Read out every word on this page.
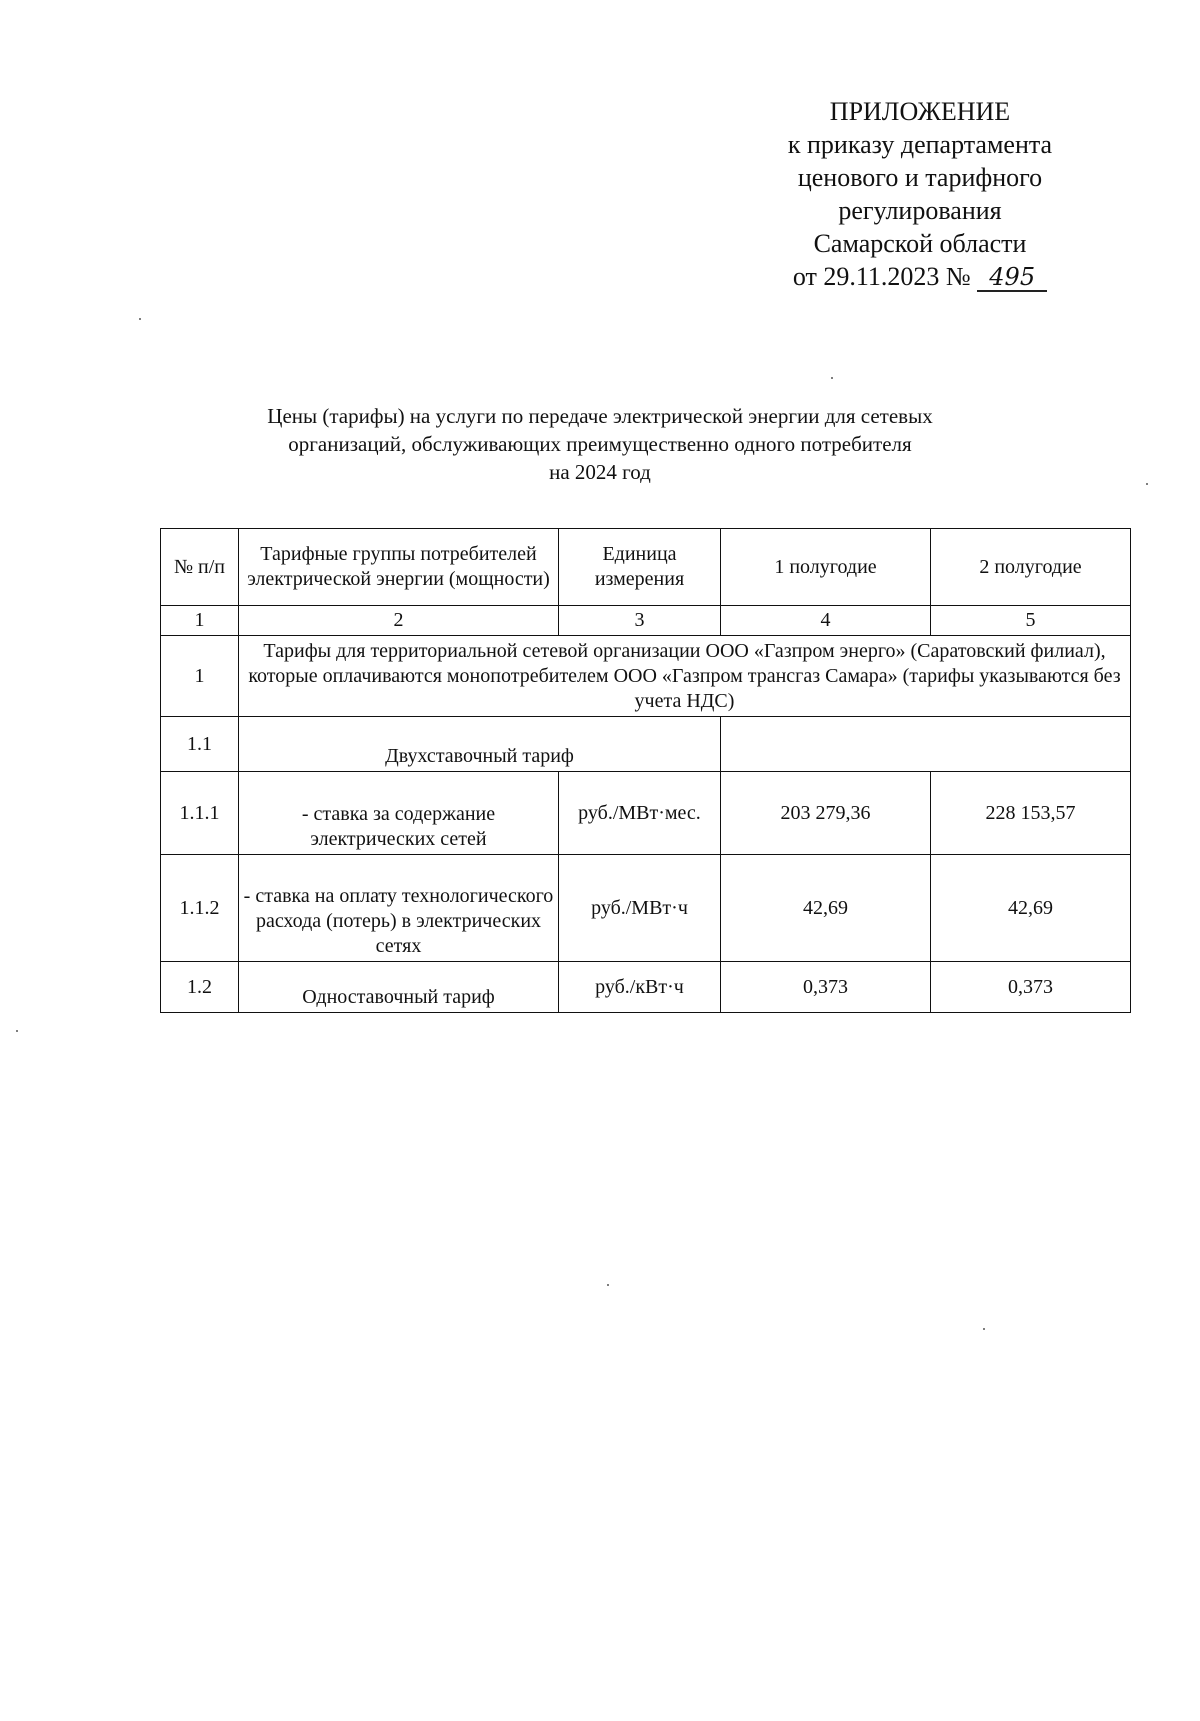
ПРИЛОЖЕНИЕ
к приказу департамента
ценового и тарифного
регулирования
Самарской области
от 29.11.2023 № 495
Цены (тарифы) на услуги по передаче электрической энергии для сетевых
организаций, обслуживающих преимущественно одного потребителя
на 2024 год
№ п/п	Тарифные группы потребителей электрической энергии (мощности)	Единица измерения	1 полугодие	2 полугодие
1	2	3	4	5
1	Тарифы для территориальной сетевой организации ООО «Газпром энерго» (Саратовский филиал), которые оплачиваются монопотребителем ООО «Газпром трансгаз Самара» (тарифы указываются без учета НДС)			
1.1	Двухставочный тариф			
1.1.1	- ставка за содержание электрических сетей	руб./МВт·мес.	203 279,36	228 153,57
1.1.2	- ставка на оплату технологического расхода (потерь) в электрических сетях	руб./МВт·ч	42,69	42,69
1.2	Одноставочный тариф	руб./кВт·ч	0,373	0,373
